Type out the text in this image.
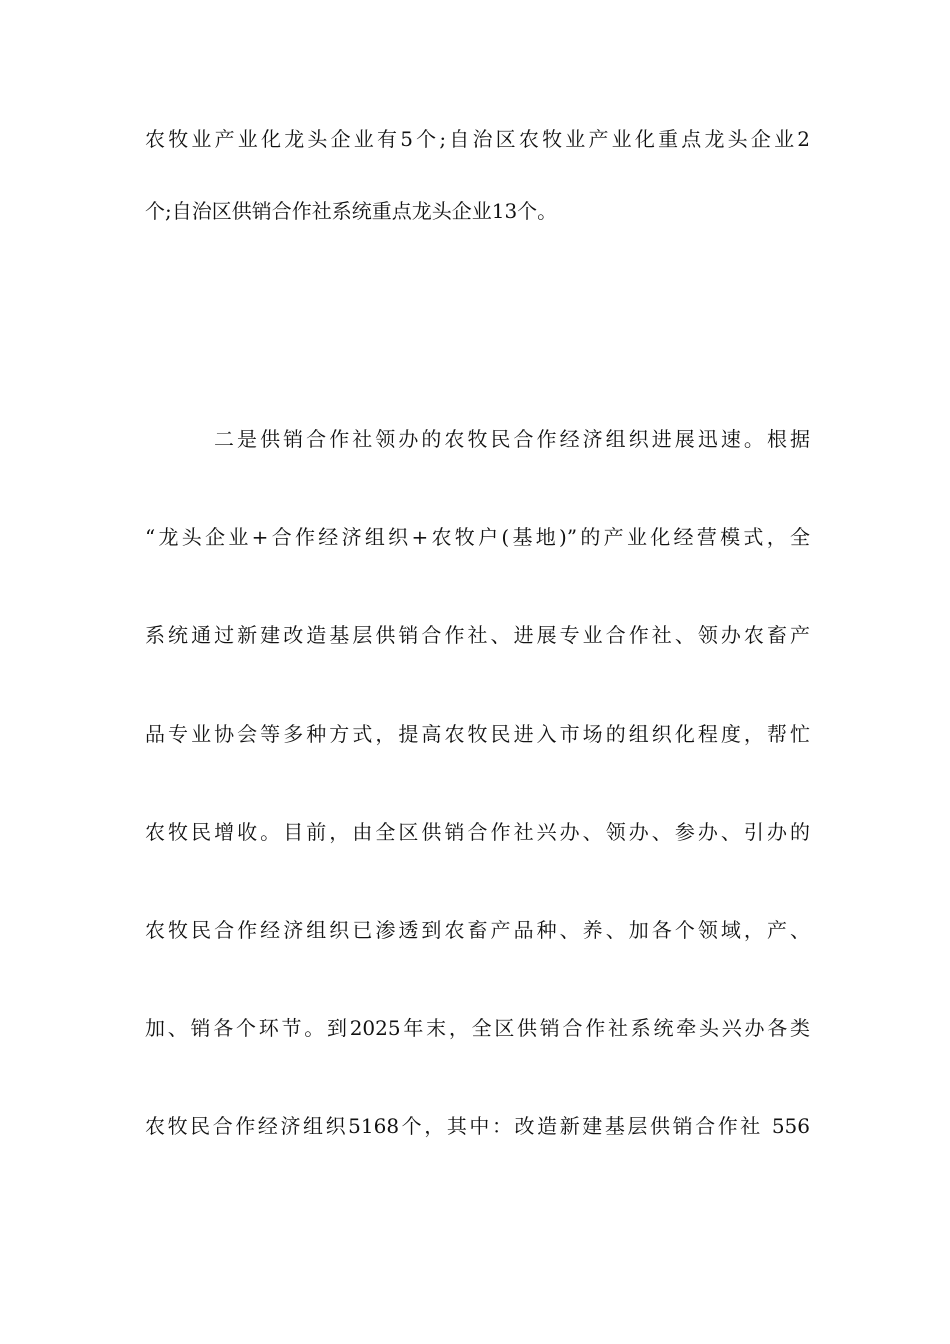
农牧业产业化龙头企业有5个;自治区农牧业产业化重点龙头企业2
个;自治区供销合作社系统重点龙头企业13个。
二是供销合作社领办的农牧民合作经济组织进展迅速。根据
“龙头企业+合作经济组织+农牧户(基地)”的产业化经营模式，全
系统通过新建改造基层供销合作社、进展专业合作社、领办农畜产
品专业协会等多种方式，提高农牧民进入市场的组织化程度，帮忙
农牧民增收。目前，由全区供销合作社兴办、领办、参办、引办的
农牧民合作经济组织已渗透到农畜产品种、养、加各个领域，产、
加、销各个环节。到2025年末，全区供销合作社系统牵头兴办各类
农牧民合作经济组织5168个，其中：改造新建基层供销合作社 556
